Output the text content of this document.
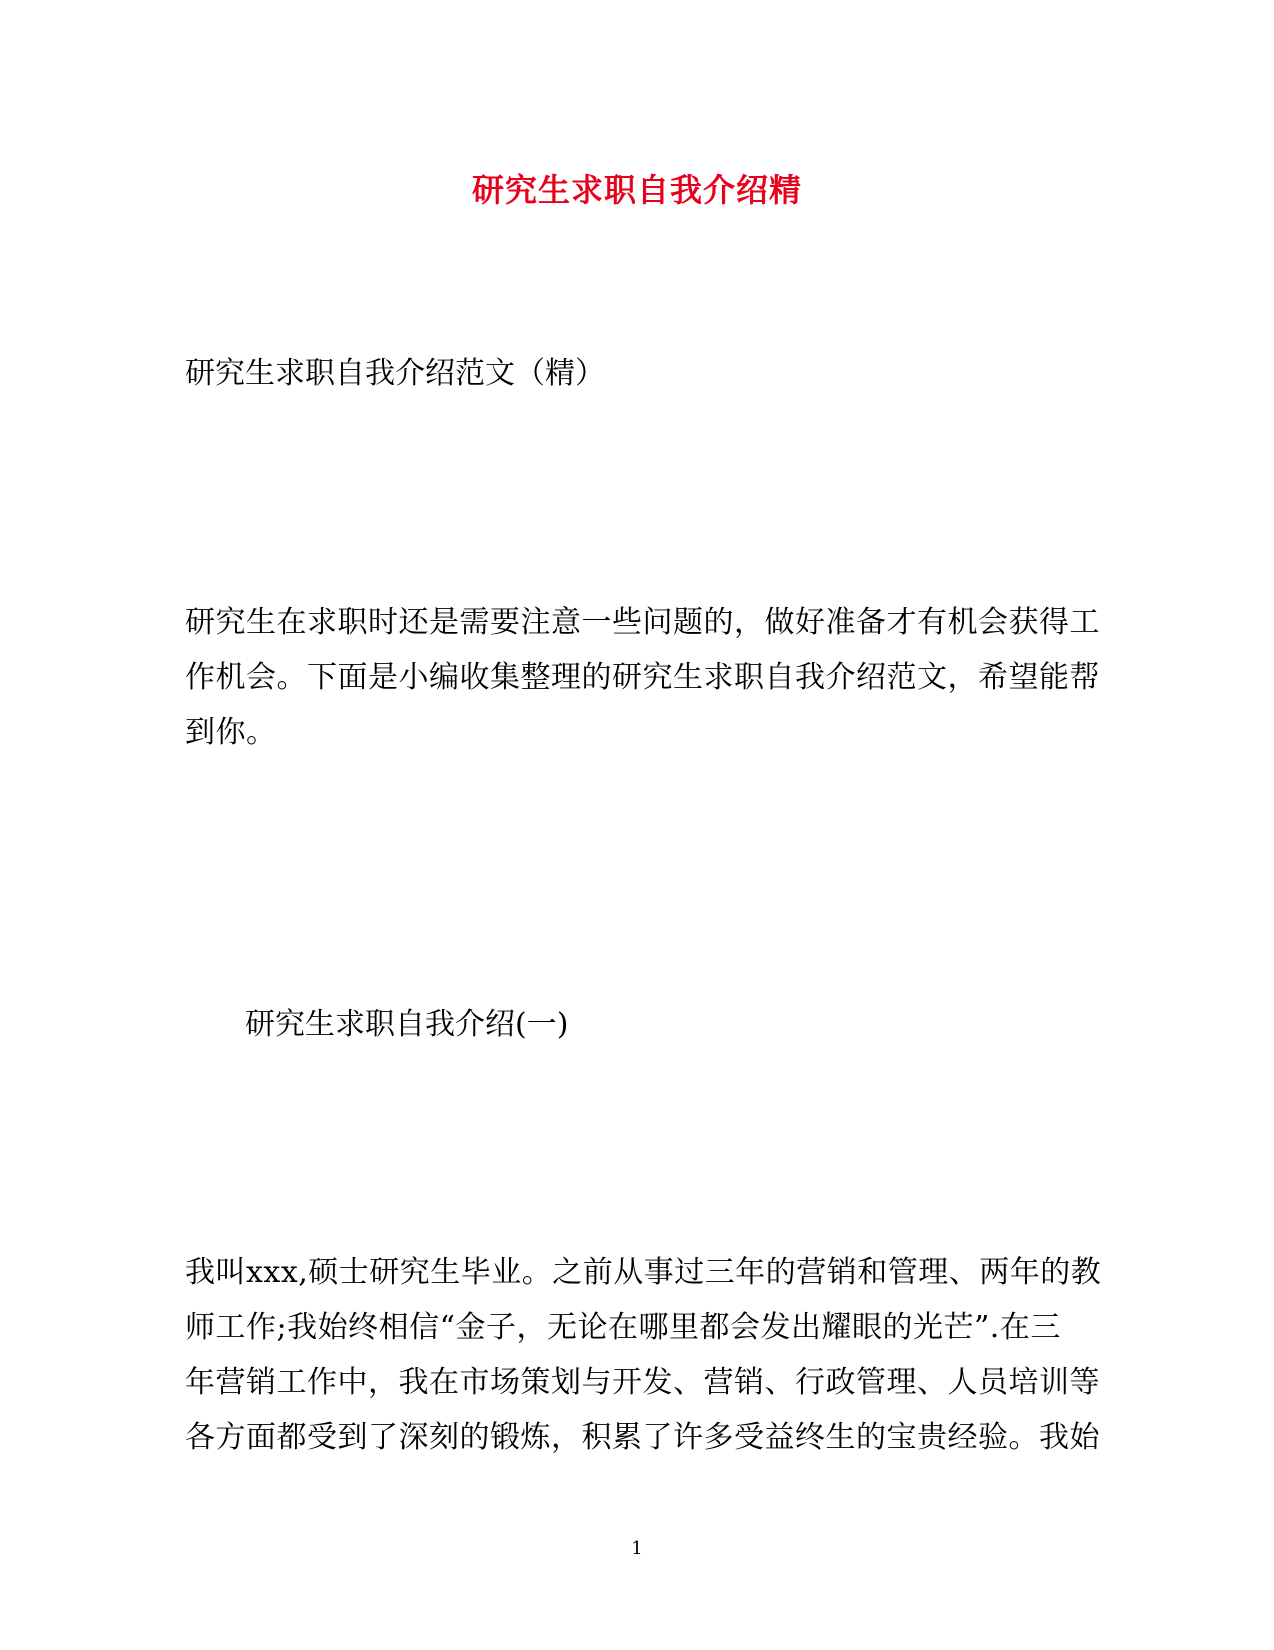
研究生求职自我介绍精
研究生求职自我介绍范文（精）
研究生在求职时还是需要注意一些问题的，做好准备才有机会获得工
作机会。下面是小编收集整理的研究生求职自我介绍范文，希望能帮
到你。
研究生求职自我介绍(一)
我叫xxx,硕士研究生毕业。之前从事过三年的营销和管理、两年的教
师工作;我始终相信“金子，无论在哪里都会发出耀眼的光芒”.在三
年营销工作中，我在市场策划与开发、营销、行政管理、人员培训等
各方面都受到了深刻的锻炼，积累了许多受益终生的宝贵经验。我始
1
